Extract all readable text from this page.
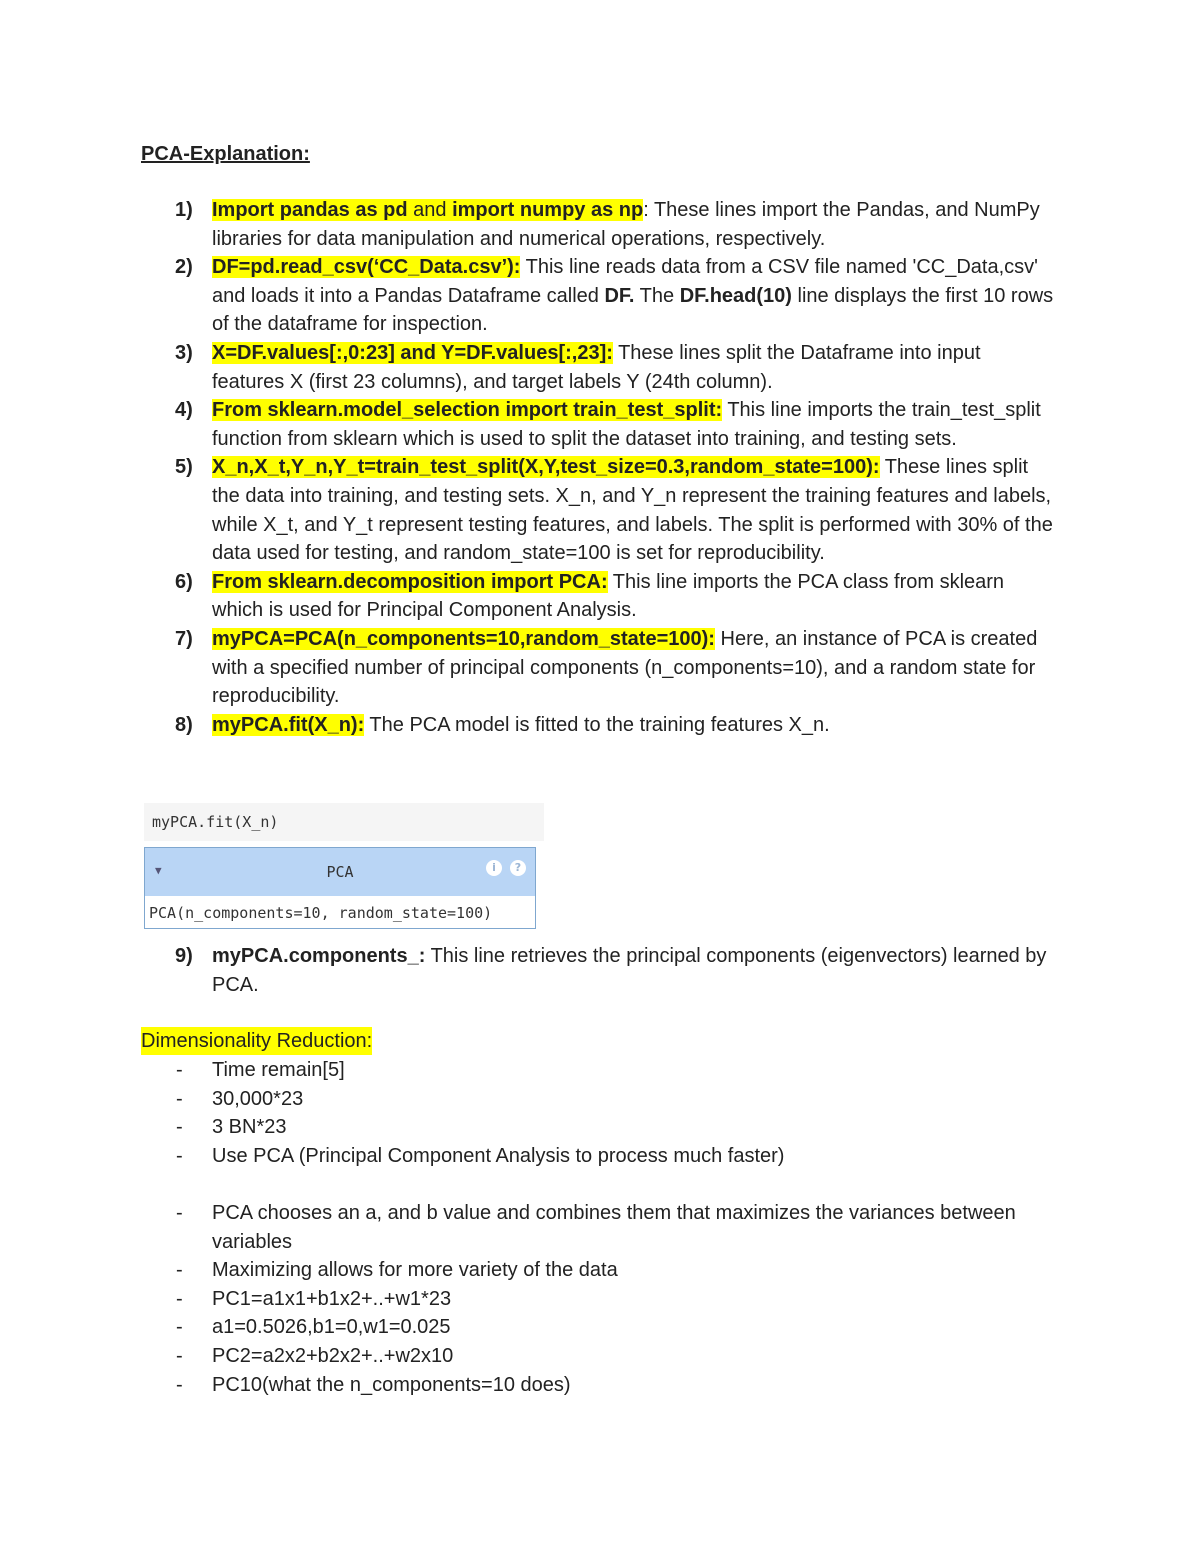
PCA-Explanation:
1) Import pandas as pd and import numpy as np: These lines import the Pandas, and NumPy libraries for data manipulation and numerical operations, respectively.
2) DF=pd.read_csv(‘CC_Data.csv’): This line reads data from a CSV file named 'CC_Data,csv' and loads it into a Pandas Dataframe called DF. The DF.head(10) line displays the first 10 rows of the dataframe for inspection.
3) X=DF.values[:,0:23] and Y=DF.values[:,23]: These lines split the Dataframe into input features X (first 23 columns), and target labels Y (24th column).
4) From sklearn.model_selection import train_test_split: This line imports the train_test_split function from sklearn which is used to split the dataset into training, and testing sets.
5) X_n,X_t,Y_n,Y_t=train_test_split(X,Y,test_size=0.3,random_state=100): These lines split the data into training, and testing sets. X_n, and Y_n represent the training features and labels, while X_t, and Y_t represent testing features, and labels. The split is performed with 30% of the data used for testing, and random_state=100 is set for reproducibility.
6) From sklearn.decomposition import PCA: This line imports the PCA class from sklearn which is used for Principal Component Analysis.
7) myPCA=PCA(n_components=10,random_state=100): Here, an instance of PCA is created with a specified number of principal components (n_components=10), and a random state for reproducibility.
8) myPCA.fit(X_n): The PCA model is fitted to the training features X_n.
myPCA.fit(X_n)
▼	PCA	i	?
PCA(n_components=10, random_state=100)
9) myPCA.components_: This line retrieves the principal components (eigenvectors) learned by PCA.
Dimensionality Reduction:
- Time remain[5]
- 30,000*23
- 3 BN*23
- Use PCA (Principal Component Analysis to process much faster)
- PCA chooses an a, and b value and combines them that maximizes the variances between variables
- Maximizing allows for more variety of the data
- PC1=a1x1+b1x2+..+w1*23
- a1=0.5026,b1=0,w1=0.025
- PC2=a2x2+b2x2+..+w2x10
- PC10(what the n_components=10 does)
